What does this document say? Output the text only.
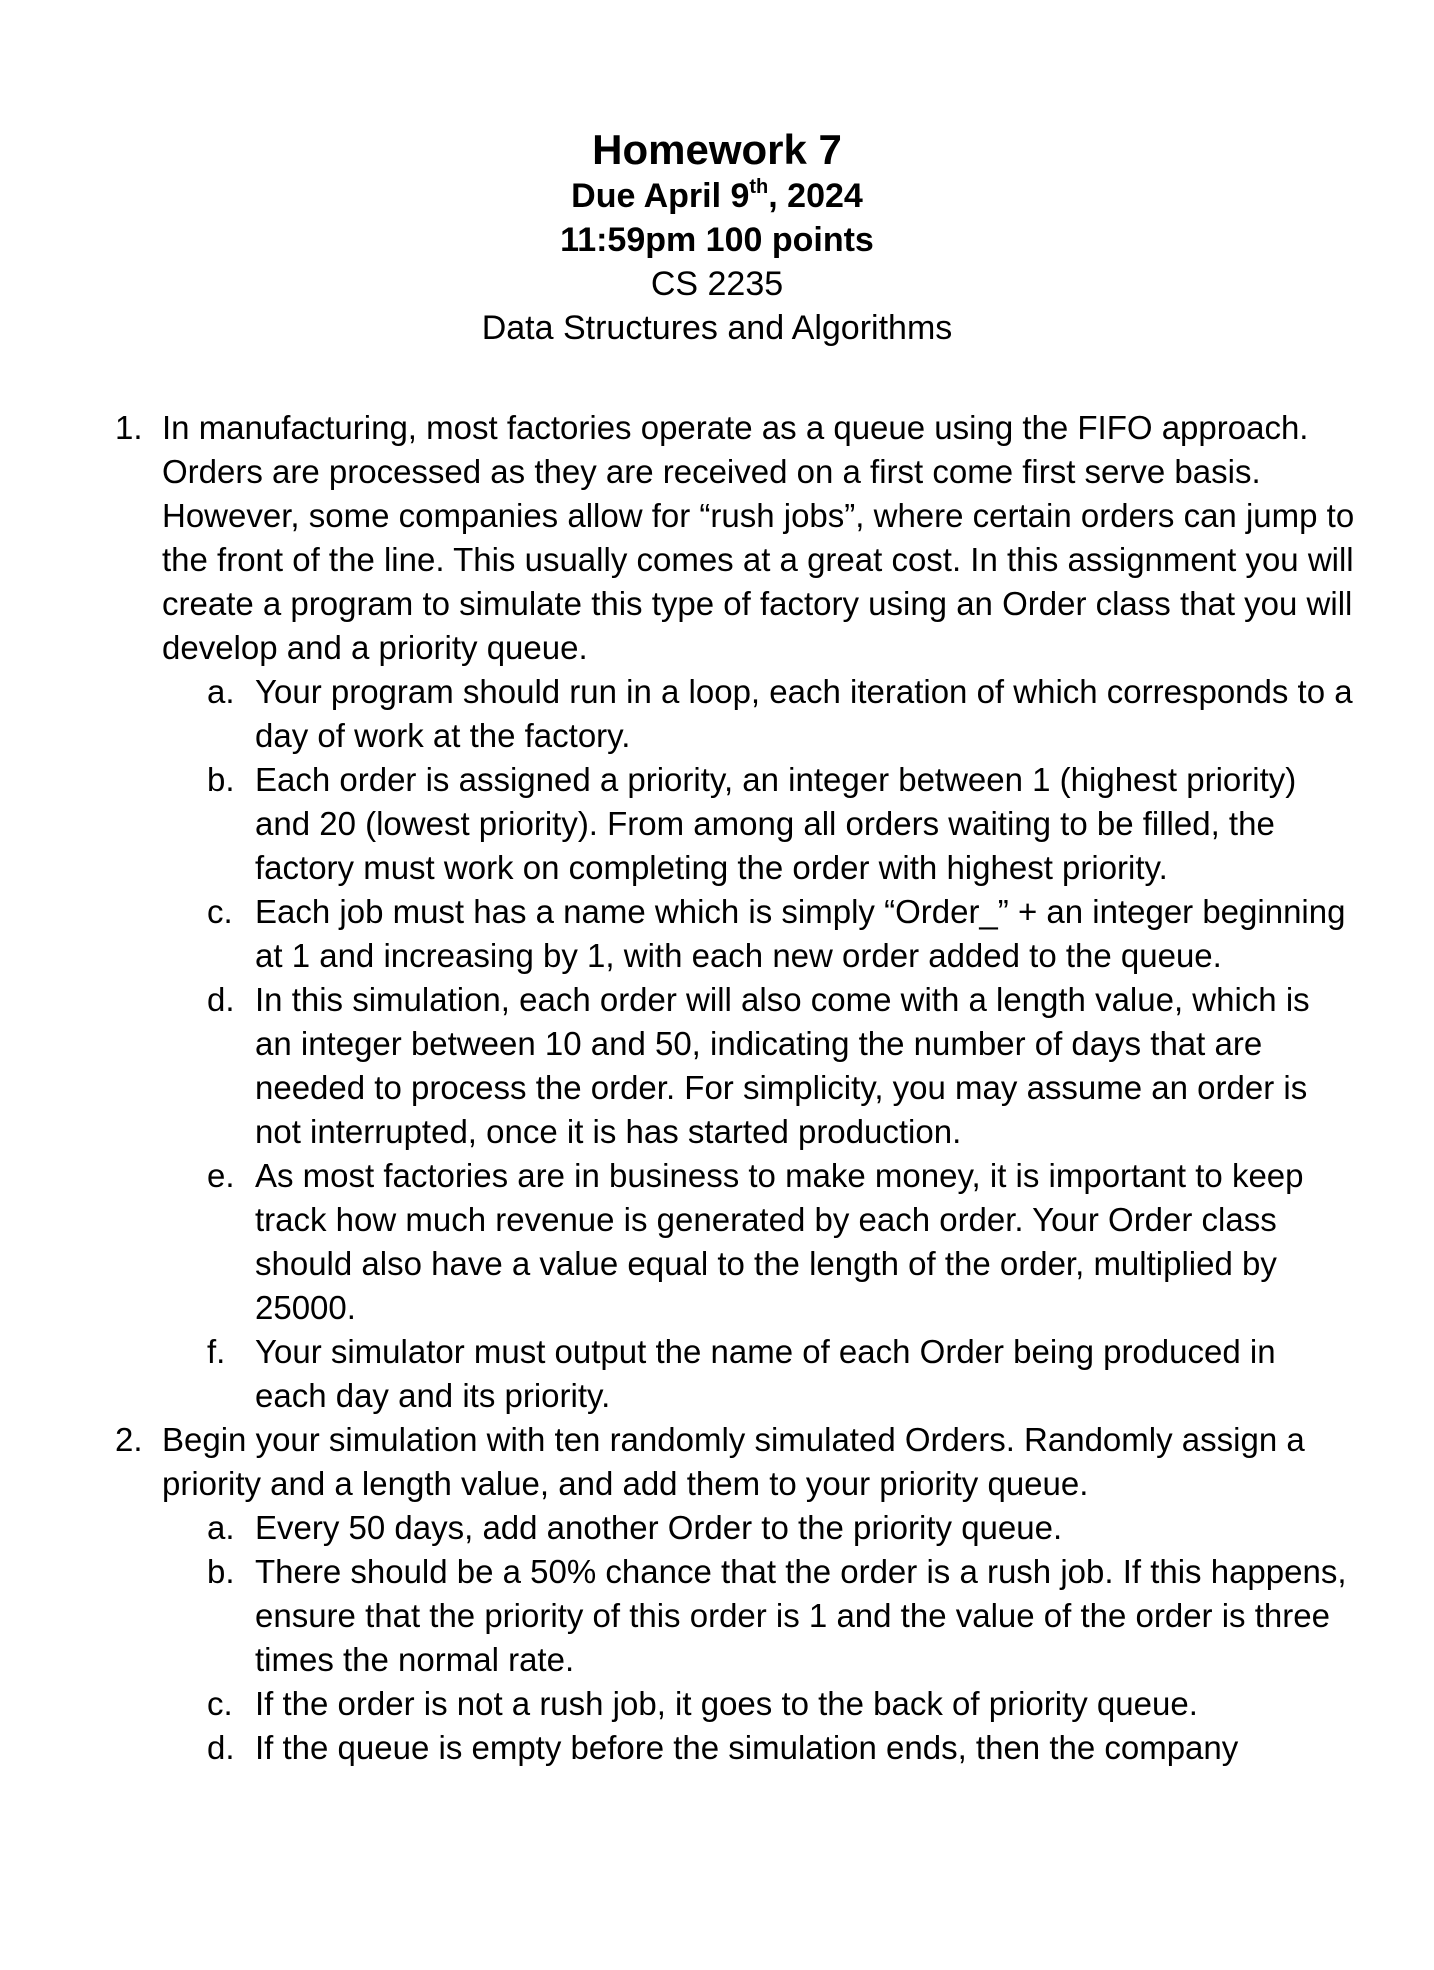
Homework 7
Due April 9th, 2024
11:59pm 100 points
CS 2235
Data Structures and Algorithms
1. In manufacturing, most factories operate as a queue using the FIFO approach. Orders are processed as they are received on a first come first serve basis. However, some companies allow for “rush jobs”, where certain orders can jump to the front of the line. This usually comes at a great cost. In this assignment you will create a program to simulate this type of factory using an Order class that you will develop and a priority queue.
a. Your program should run in a loop, each iteration of which corresponds to a day of work at the factory.
b. Each order is assigned a priority, an integer between 1 (highest priority) and 20 (lowest priority). From among all orders waiting to be filled, the factory must work on completing the order with highest priority.
c. Each job must has a name which is simply “Order_” + an integer beginning at 1 and increasing by 1, with each new order added to the queue.
d. In this simulation, each order will also come with a length value, which is an integer between 10 and 50, indicating the number of days that are needed to process the order. For simplicity, you may assume an order is not interrupted, once it is has started production.
e. As most factories are in business to make money, it is important to keep track how much revenue is generated by each order. Your Order class should also have a value equal to the length of the order, multiplied by 25000.
f. Your simulator must output the name of each Order being produced in each day and its priority.
2. Begin your simulation with ten randomly simulated Orders. Randomly assign a priority and a length value, and add them to your priority queue.
a. Every 50 days, add another Order to the priority queue.
b. There should be a 50% chance that the order is a rush job. If this happens, ensure that the priority of this order is 1 and the value of the order is three times the normal rate.
c. If the order is not a rush job, it goes to the back of priority queue.
d. If the queue is empty before the simulation ends, then the company
